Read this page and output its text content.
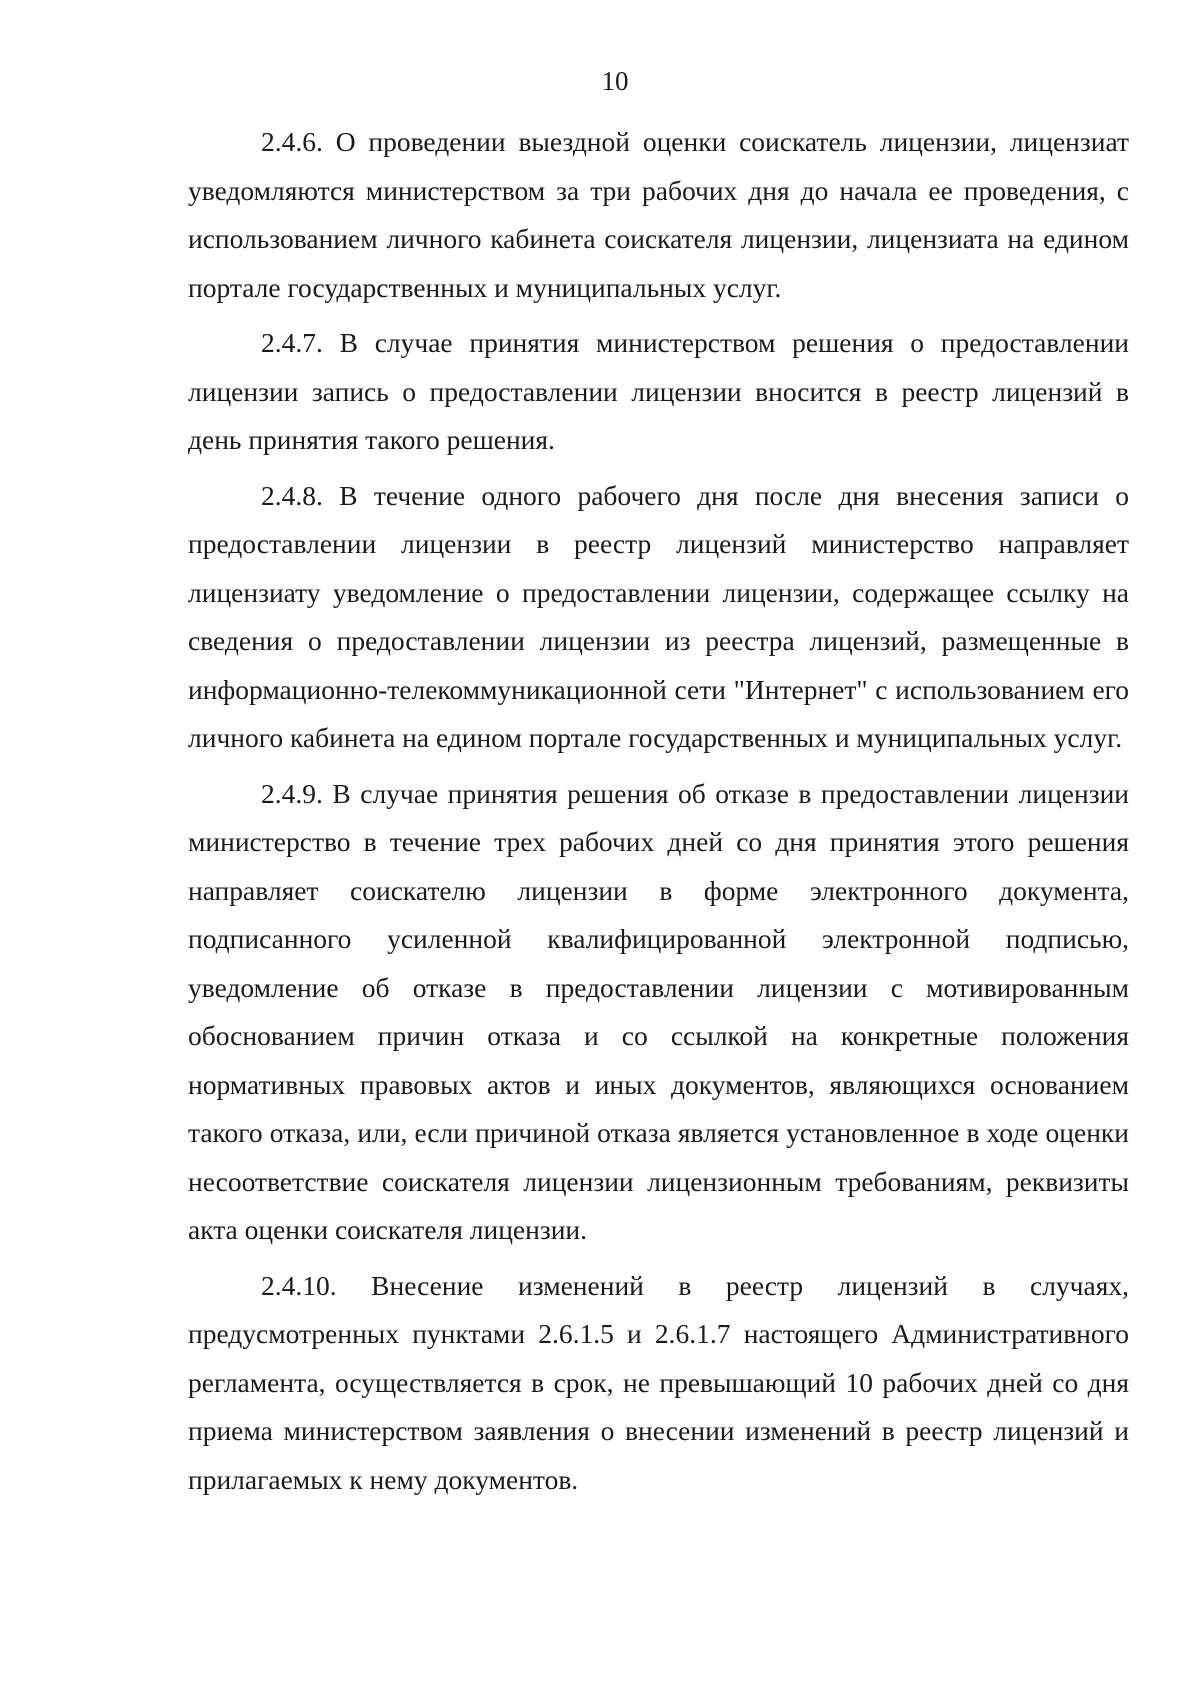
10

2.4.6. О проведении выездной оценки соискатель лицензии, лицензиат уведомляются министерством за три рабочих дня до начала ее проведения, с использованием личного кабинета соискателя лицензии, лицензиата на едином портале государственных и муниципальных услуг.

2.4.7. В случае принятия министерством решения о предоставлении лицензии запись о предоставлении лицензии вносится в реестр лицензий в день принятия такого решения.

2.4.8. В течение одного рабочего дня после дня внесения записи о предоставлении лицензии в реестр лицензий министерство направляет лицензиату уведомление о предоставлении лицензии, содержащее ссылку на сведения о предоставлении лицензии из реестра лицензий, размещенные в информационно-телекоммуникационной сети "Интернет" с использованием его личного кабинета на едином портале государственных и муниципальных услуг.

2.4.9. В случае принятия решения об отказе в предоставлении лицензии министерство в течение трех рабочих дней со дня принятия этого решения направляет соискателю лицензии в форме электронного документа, подписанного усиленной квалифицированной электронной подписью, уведомление об отказе в предоставлении лицензии с мотивированным обоснованием причин отказа и со ссылкой на конкретные положения нормативных правовых актов и иных документов, являющихся основанием такого отказа, или, если причиной отказа является установленное в ходе оценки несоответствие соискателя лицензии лицензионным требованиям, реквизиты акта оценки соискателя лицензии.

2.4.10. Внесение изменений в реестр лицензий в случаях, предусмотренных пунктами 2.6.1.5 и 2.6.1.7 настоящего Административного регламента, осуществляется в срок, не превышающий 10 рабочих дней со дня приема министерством заявления о внесении изменений в реестр лицензий и прилагаемых к нему документов.
